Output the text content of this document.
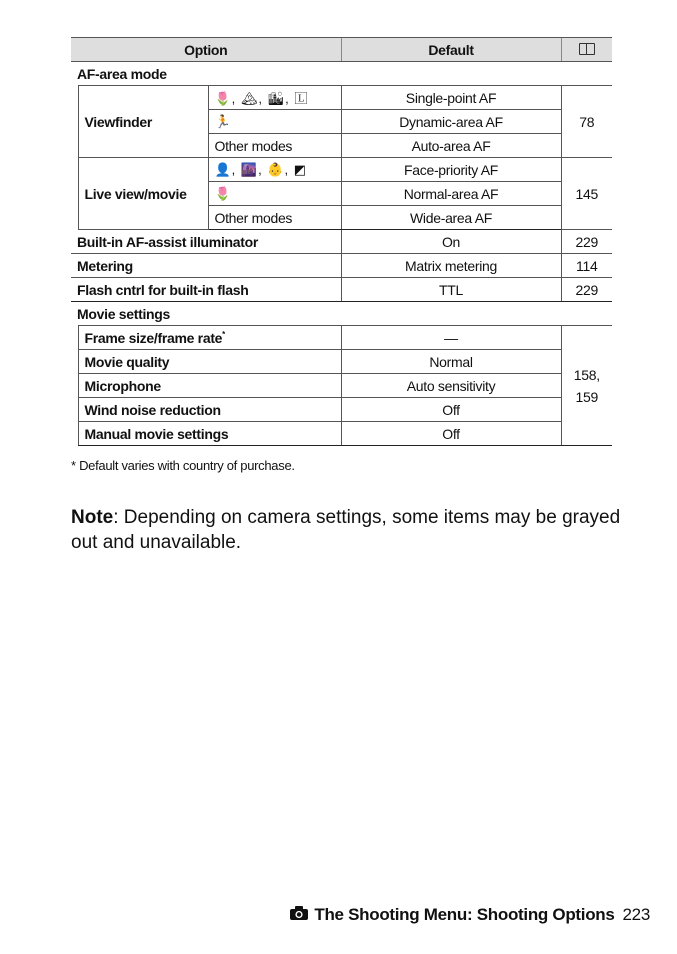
Option			Default	
AF-area mode				
	Viewfinder	🌷, 🏔, 🏙, 🄻	Single-point AF	78
		🏃	Dynamic-area AF	
		Other modes	Auto-area AF	
	Live view/movie	👤, 🌆, 👶, ◩	Face-priority AF	145
		🌷	Normal-area AF	
		Other modes	Wide-area AF	
Built-in AF-assist illuminator			On	229
Metering			Matrix metering	114
Flash cntrl for built-in flash			TTL	229
Movie settings				
	Frame size/frame rate*		—	158,
159
	Movie quality		Normal	
	Microphone		Auto sensitivity	
	Wind noise reduction		Off	
	Manual movie settings		Off	
* Default varies with country of purchase.
Note: Depending on camera settings, some items may be grayed out and unavailable.
The Shooting Menu: Shooting Options 223
